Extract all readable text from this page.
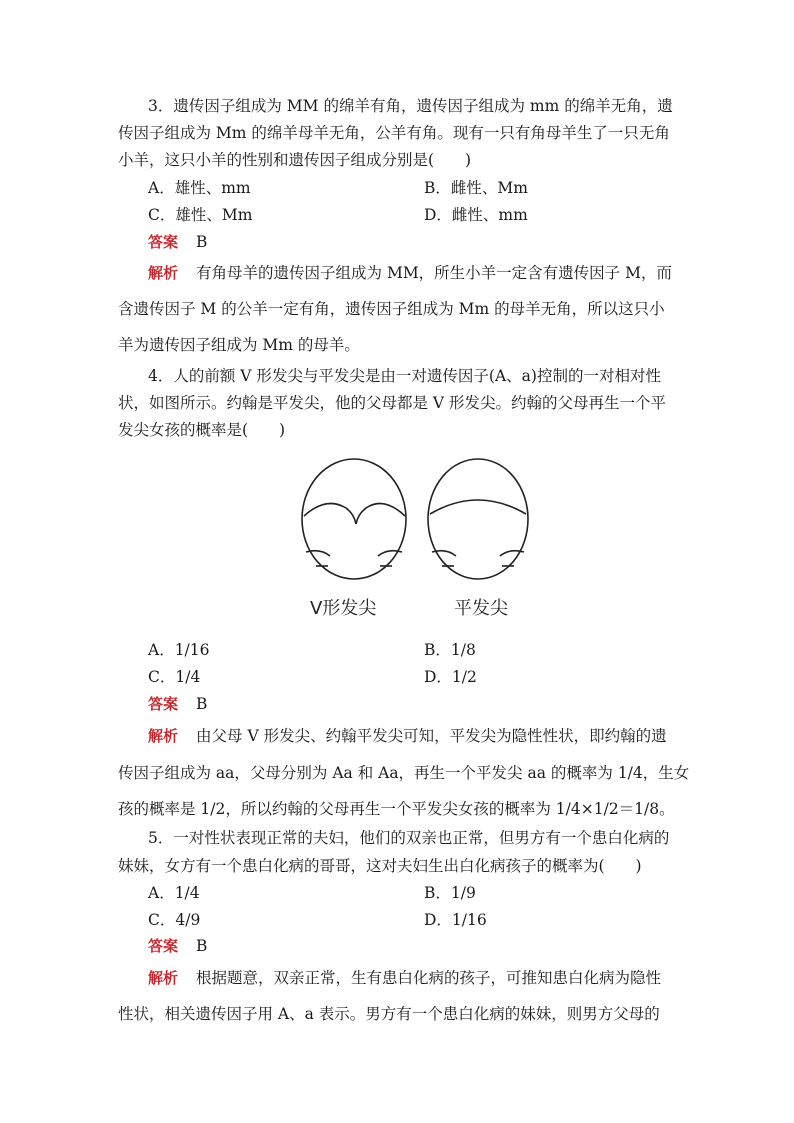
3．遗传因子组成为 MM 的绵羊有角，遗传因子组成为 mm 的绵羊无角，遗
传因子组成为 Mm 的绵羊母羊无角，公羊有角。现有一只有角母羊生了一只无角
小羊，这只小羊的性别和遗传因子组成分别是(　　)
A．雄性、mm	B．雌性、Mm
C．雄性、Mm	D．雌性、mm
答案 B
解析 有角母羊的遗传因子组成为 MM，所生小羊一定含有遗传因子 M，而
含遗传因子 M 的公羊一定有角，遗传因子组成为 Mm 的母羊无角，所以这只小
羊为遗传因子组成为 Mm 的母羊。
4．人的前额 V 形发尖与平发尖是由一对遗传因子(A、a)控制的一对相对性
状，如图所示。约翰是平发尖，他的父母都是 V 形发尖。约翰的父母再生一个平
发尖女孩的概率是(　　)
V形发尖	平发尖
A．1/16	B．1/8
C．1/4	D．1/2
答案 B
解析 由父母 V 形发尖、约翰平发尖可知，平发尖为隐性性状，即约翰的遗
传因子组成为 aa，父母分别为 Aa 和 Aa，再生一个平发尖 aa 的概率为 1/4，生女
孩的概率是 1/2，所以约翰的父母再生一个平发尖女孩的概率为 1/4×1/2＝1/8。
5．一对性状表现正常的夫妇，他们的双亲也正常，但男方有一个患白化病的
妹妹，女方有一个患白化病的哥哥，这对夫妇生出白化病孩子的概率为(　　)
A．1/4	B．1/9
C．4/9	D．1/16
答案 B
解析 根据题意，双亲正常，生有患白化病的孩子，可推知患白化病为隐性
性状，相关遗传因子用 A、a 表示。男方有一个患白化病的妹妹，则男方父母的
